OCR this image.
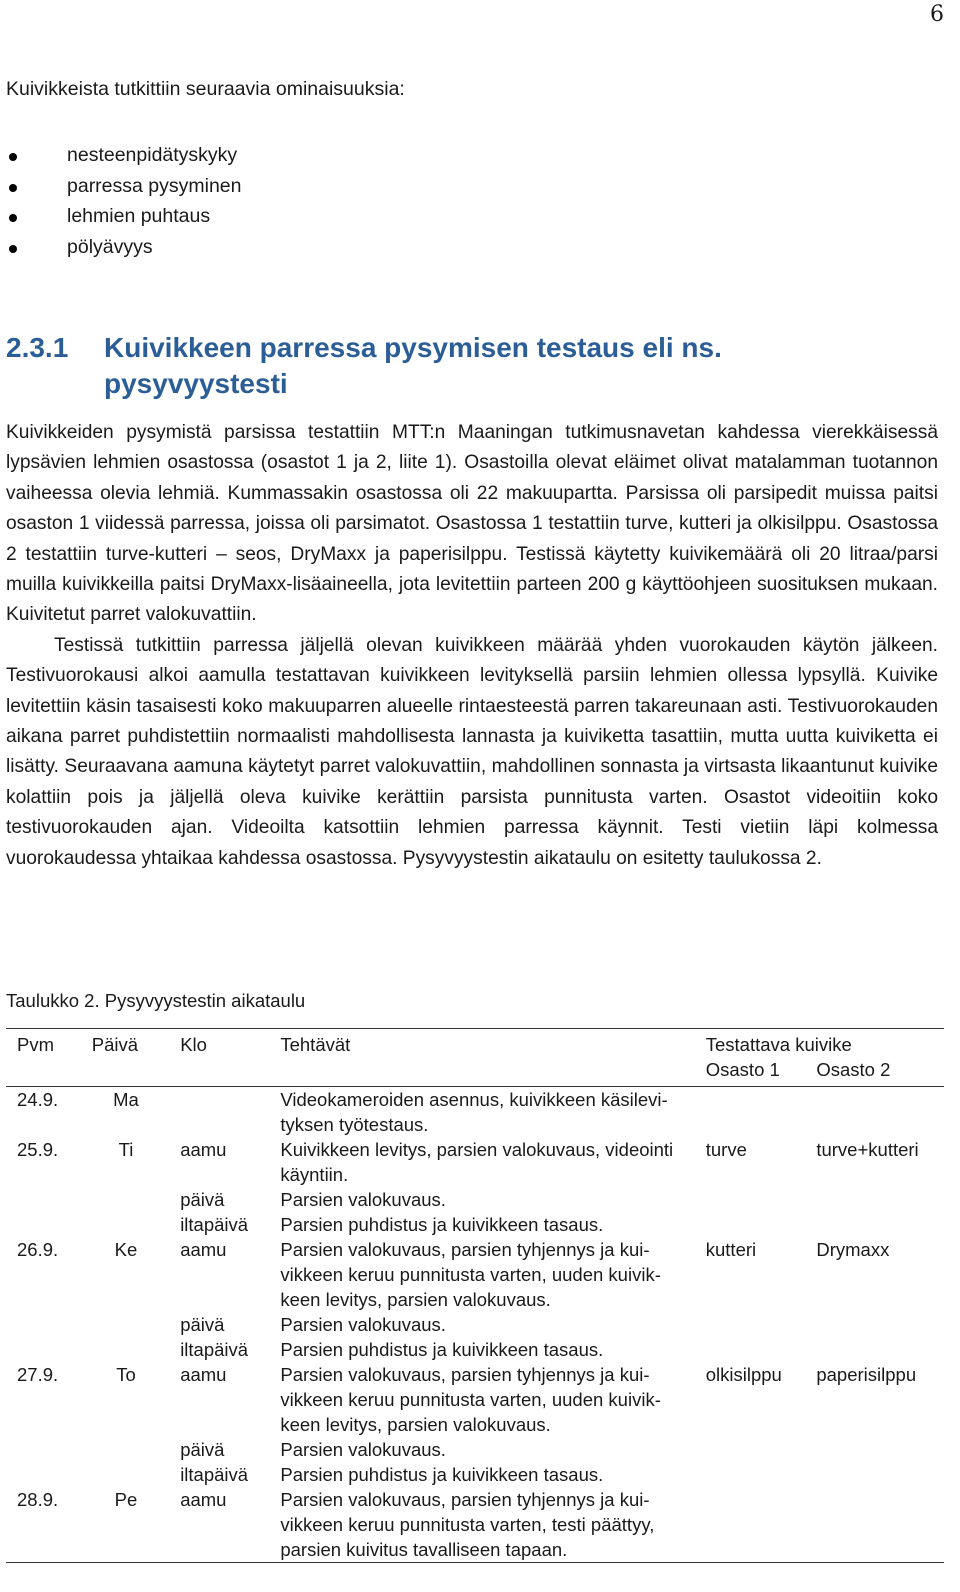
6
Kuivikkeista tutkittiin seuraavia ominaisuuksia:
nesteenpidätyskyky
parressa pysyminen
lehmien puhtaus
pölyävyys
2.3.1 Kuivikkeen parressa pysymisen testaus eli ns.
pysyvyystesti

Kuivikkeiden pysymistä parsissa testattiin MTT:n Maaningan tutkimusnavetan kahdessa vierekkäisessä lypsävien lehmien osastossa (osastot 1 ja 2, liite 1). Osastoilla olevat eläimet olivat matalamman tuotannon vaiheessa olevia lehmiä. Kummassakin osastossa oli 22 makuupartta. Parsissa oli parsipedit muissa paitsi osaston 1 viidessä parressa, joissa oli parsimatot. Osastossa 1 testattiin turve, kutteri ja olkisilppu. Osastossa 2 testattiin turve-kutteri – seos, DryMaxx ja paperisilppu. Testissä käytetty kuivikemäärä oli 20 litraa/parsi muilla kuivikkeilla paitsi DryMaxx-lisäaineella, jota levitettiin parteen 200 g käyttöohjeen suosituksen mukaan. Kuivitetut parret valokuvattiin.

Testissä tutkittiin parressa jäljellä olevan kuivikkeen määrää yhden vuorokauden käytön jälkeen. Testivuorokausi alkoi aamulla testattavan kuivikkeen levityksellä parsiin lehmien ollessa lypsyllä. Kuivike levitettiin käsin tasaisesti koko makuuparren alueelle rintaesteestä parren takareunaan asti. Testivuorokauden aikana parret puhdistettiin normaalisti mahdollisesta lannasta ja kuiviketta tasattiin, mutta uutta kuiviketta ei lisätty. Seuraavana aamuna käytetyt parret valokuvattiin, mahdollinen sonnasta ja virtsasta likaantunut kuivike kolattiin pois ja jäljellä oleva kuivike kerättiin parsista punnitusta varten. Osastot videoitiin koko testivuorokauden ajan. Videoilta katsottiin lehmien parressa käynnit. Testi vietiin läpi kolmessa vuorokaudessa yhtaikaa kahdessa osastossa. Pysyvyystestin aikataulu on esitetty taulukossa 2.

Taulukko 2. Pysyvyystestin aikataulu
Pvm	Päivä	Klo	Tehtävät	Testattava kuivike	
				Osasto 1	Osasto 2
24.9.	Ma		Videokameroiden asennus, kuivikkeen käsilevi-
tyksen työtestaus.		

25.9.	Ti	aamu	Kuivikkeen levitys, parsien valokuvaus, videointi
käyntiin.	turve	turve+kutteri
		päivä	Parsien valokuvaus.		

		iltapäivä	Parsien puhdistus ja kuivikkeen tasaus.		

26.9.	Ke	aamu	Parsien valokuvaus, parsien tyhjennys ja kui-
vikkeen keruu punnitusta varten, uuden kuivik-
keen levitys, parsien valokuvaus.	kutteri	Drymaxx
		päivä	Parsien valokuvaus.		

		iltapäivä	Parsien puhdistus ja kuivikkeen tasaus.		

27.9.	To	aamu	Parsien valokuvaus, parsien tyhjennys ja kui-
vikkeen keruu punnitusta varten, uuden kuivik-
keen levitys, parsien valokuvaus.	olkisilppu	paperisilppu
		päivä	Parsien valokuvaus.		

		iltapäivä	Parsien puhdistus ja kuivikkeen tasaus.		

28.9.	Pe	aamu	Parsien valokuvaus, parsien tyhjennys ja kui-
vikkeen keruu punnitusta varten, testi päättyy,
parsien kuivitus tavalliseen tapaan.		
